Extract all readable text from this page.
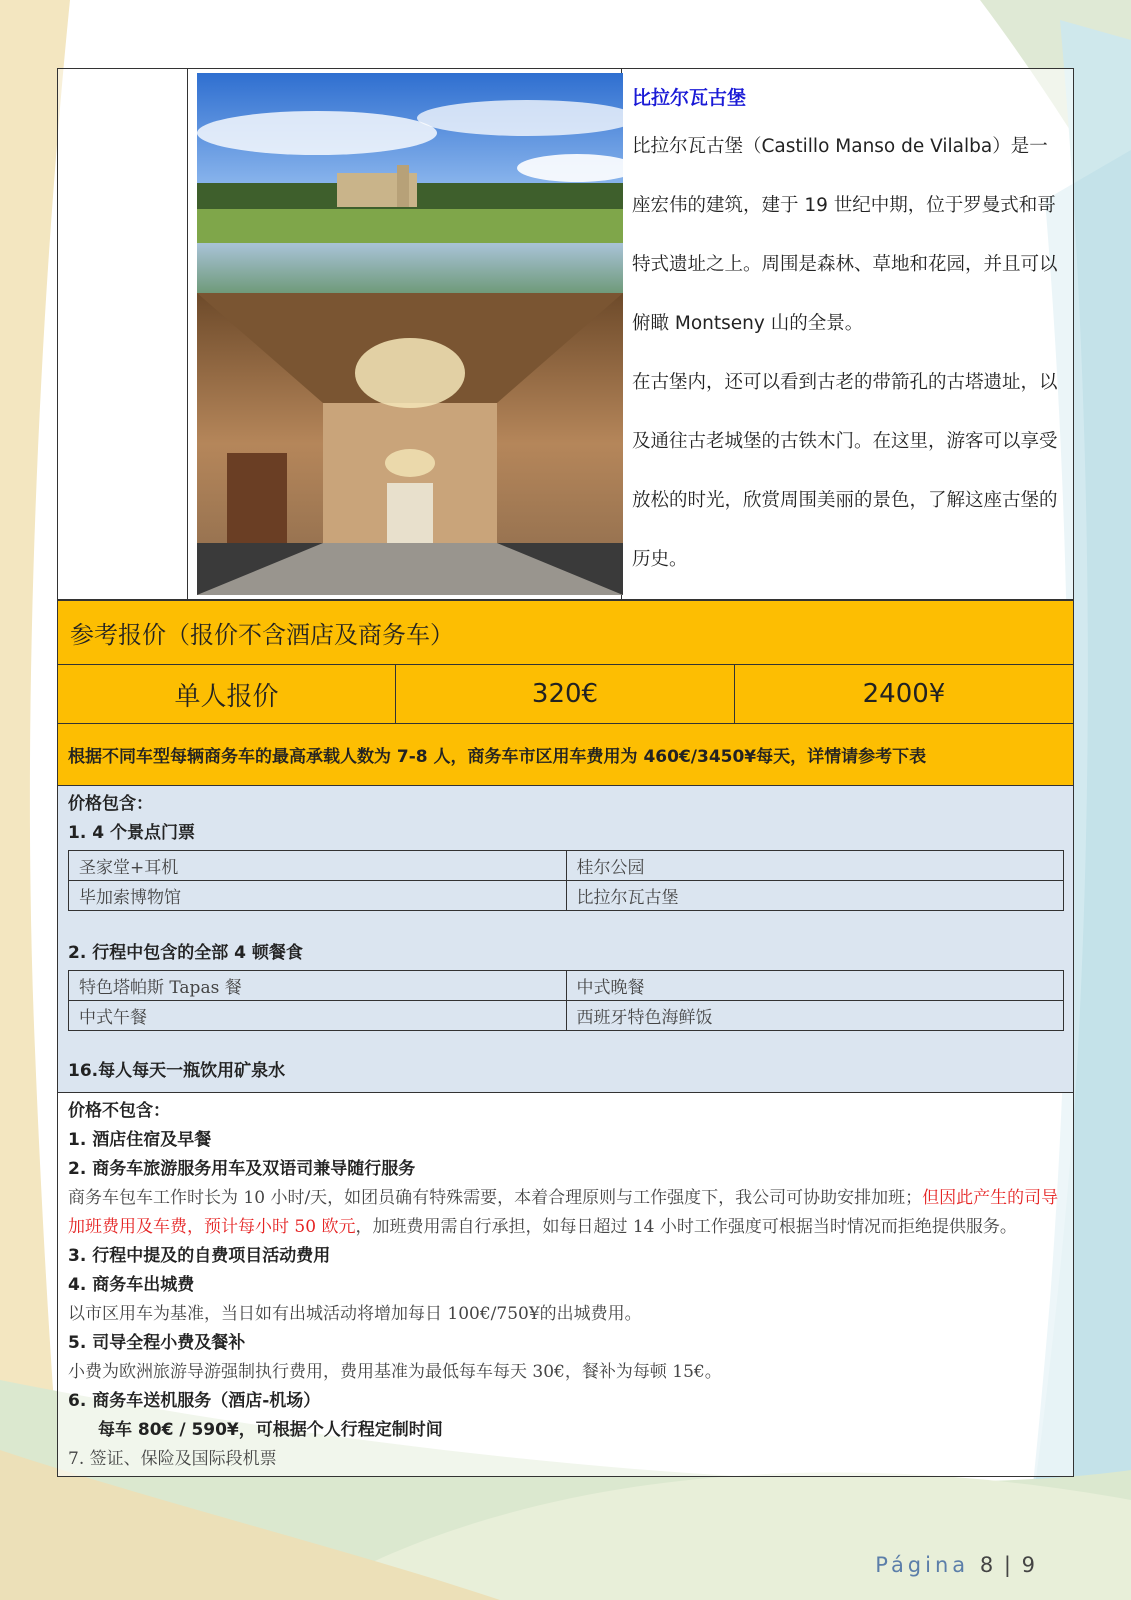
比拉尔瓦古堡

比拉尔瓦古堡（Castillo Manso de Vilalba）是一座宏伟的建筑，建于 19 世纪中期，位于罗曼式和哥特式遗址之上。周围是森林、草地和花园，并且可以俯瞰 Montseny 山的全景。

在古堡内，还可以看到古老的带箭孔的古塔遗址，以及通往古老城堡的古铁木门。在这里，游客可以享受放松的时光，欣赏周围美丽的景色，了解这座古堡的历史。

参考报价（报价不含酒店及商务车）
单人报价	320€	2400¥
根据不同车型每辆商务车的最高承载人数为 7-8 人，商务车市区用车费用为 460€/3450¥每天，详情请参考下表

价格包含：
1. 4 个景点门票
圣家堂+耳机	桂尔公园
毕加索博物馆	比拉尔瓦古堡
2. 行程中包含的全部 4 顿餐食
特色塔帕斯 Tapas 餐	中式晚餐
中式午餐	西班牙特色海鲜饭
16.每人每天一瓶饮用矿泉水

价格不包含：
1. 酒店住宿及早餐
2. 商务车旅游服务用车及双语司兼导随行服务
商务车包车工作时长为 10 小时/天，如团员确有特殊需要，本着合理原则与工作强度下，我公司可协助安排加班；但因此产生的司导加班费用及车费，预计每小时 50 欧元，加班费用需自行承担，如每日超过 14 小时工作强度可根据当时情况而拒绝提供服务。
3. 行程中提及的自费项目活动费用
4. 商务车出城费
以市区用车为基准，当日如有出城活动将增加每日 100€/750¥的出城费用。
5. 司导全程小费及餐补
小费为欧洲旅游导游强制执行费用，费用基准为最低每车每天 30€，餐补为每顿 15€。
6. 商务车送机服务（酒店-机场）
每车 80€ / 590¥，可根据个人行程定制时间
7. 签证、保险及国际段机票
Página 8 | 9
